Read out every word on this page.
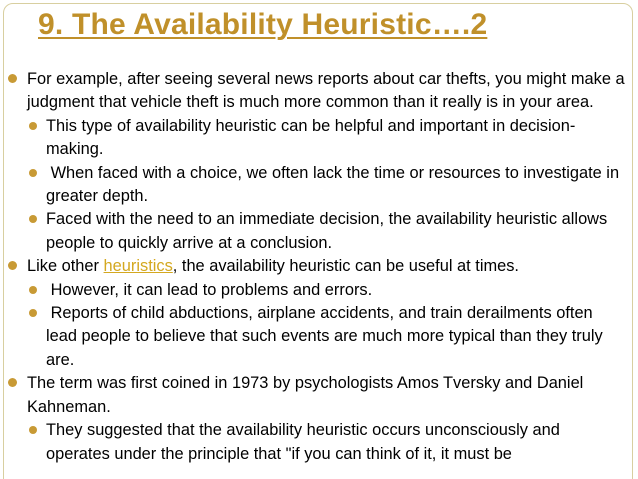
9. The Availability Heuristic….2
For example, after seeing several news reports about car thefts, you might make a judgment that vehicle theft is much more common than it really is in your area.
This type of availability heuristic can be helpful and important in decision-making.
When faced with a choice, we often lack the time or resources to investigate in greater depth.
Faced with the need to an immediate decision, the availability heuristic allows people to quickly arrive at a conclusion.
Like other heuristics, the availability heuristic can be useful at times.
However, it can lead to problems and errors.
Reports of child abductions, airplane accidents, and train derailments often lead people to believe that such events are much more typical than they truly are.
The term was first coined in 1973 by psychologists Amos Tversky and Daniel Kahneman.
They suggested that the availability heuristic occurs unconsciously and operates under the principle that "if you can think of it, it must be
